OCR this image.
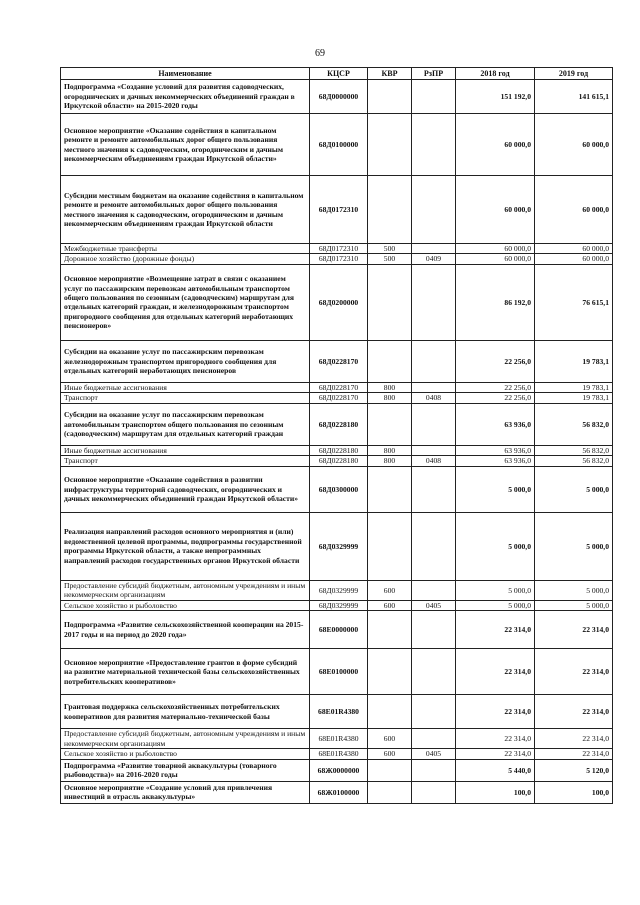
69
Наименование	КЦСР	КВР	РзПР	2018 год	2019 год
Подпрограмма «Создание условий для развития садоводческих, огороднических и дачных некоммерческих объединений граждан в Иркутской области» на 2015-2020 годы	68Д0000000			151 192,0	141 615,1
Основное мероприятие «Оказание содействия в капитальном ремонте и ремонте автомобильных дорог общего пользования местного значения к садоводческим, огородническим и дачным некоммерческим объединениям граждан Иркутской области»	68Д0100000			60 000,0	60 000,0
Субсидии местным бюджетам на оказание содействия в капитальном ремонте и ремонте автомобильных дорог общего пользования местного значения к садоводческим, огородническим и дачным некоммерческим объединениям граждан Иркутской области	68Д0172310			60 000,0	60 000,0
Межбюджетные трансферты	68Д0172310	500		60 000,0	60 000,0
Дорожное хозяйство (дорожные фонды)	68Д0172310	500	0409	60 000,0	60 000,0
Основное мероприятие «Возмещение затрат в связи с оказанием услуг по пассажирским перевозкам автомобильным транспортом общего пользования по сезонным (садоводческим) маршрутам для отдельных категорий граждан, и железнодорожным транспортом пригородного сообщения для отдельных категорий неработающих пенсионеров»	68Д0200000			86 192,0	76 615,1
Субсидии на оказание услуг по пассажирским перевозкам железнодорожным транспортом пригородного сообщения для отдельных категорий неработающих пенсионеров	68Д0228170			22 256,0	19 783,1
Иные бюджетные ассигнования	68Д0228170	800		22 256,0	19 783,1
Транспорт	68Д0228170	800	0408	22 256,0	19 783,1
Субсидии на оказание услуг по пассажирским перевозкам автомобильным транспортом общего пользования по сезонным (садоводческим) маршрутам для отдельных категорий граждан	68Д0228180			63 936,0	56 832,0
Иные бюджетные ассигнования	68Д0228180	800		63 936,0	56 832,0
Транспорт	68Д0228180	800	0408	63 936,0	56 832,0
Основное мероприятие «Оказание содействия в развитии инфраструктуры территорий садоводческих, огороднических и дачных некоммерческих объединений граждан Иркутской области»	68Д0300000			5 000,0	5 000,0
Реализация направлений расходов основного мероприятия и (или) ведомственной целевой программы, подпрограммы государственной программы Иркутской области, а также непрограммных направлений расходов государственных органов Иркутской области	68Д0329999			5 000,0	5 000,0
Предоставление субсидий бюджетным, автономным учреждениям и иным некоммерческим организациям	68Д0329999	600		5 000,0	5 000,0
Сельское хозяйство и рыболовство	68Д0329999	600	0405	5 000,0	5 000,0
Подпрограмма «Развитие сельскохозяйственной кооперации на 2015-2017 годы и на период до 2020 года»	68Е0000000			22 314,0	22 314,0
Основное мероприятие «Предоставление грантов в форме субсидий на развитие материальной технической базы сельскохозяйственных потребительских кооперативов»	68Е0100000			22 314,0	22 314,0
Грантовая поддержка сельскохозяйственных потребительских кооперативов для развития материально-технической базы	68Е01R4380			22 314,0	22 314,0
Предоставление субсидий бюджетным, автономным учреждениям и иным некоммерческим организациям	68Е01R4380	600		22 314,0	22 314,0
Сельское хозяйство и рыболовство	68Е01R4380	600	0405	22 314,0	22 314,0
Подпрограмма «Развитие товарной аквакультуры (товарного рыбоводства)» на 2016-2020 годы	68Ж0000000			5 440,0	5 120,0
Основное мероприятие «Создание условий для привлечения инвестиций в отрасль аквакультуры»	68Ж0100000			100,0	100,0
